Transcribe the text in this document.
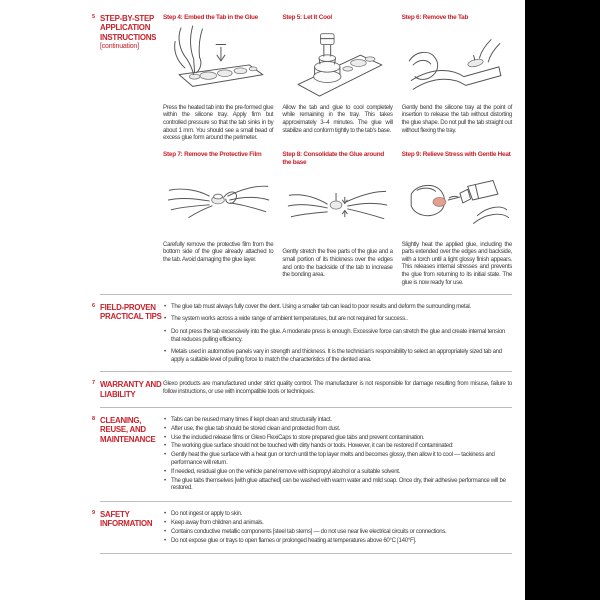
5 STEP-BY-STEP APPLICATION INSTRUCTIONS
[continuation]
Step 4: Embed the Tab in the Glue

Press the heated tab into the pre-formed glue within the silicone tray. Apply firm but controlled pressure so that the tab sinks in by about 1 mm. You should see a small bead of excess glue form around the perimeter.

Step 5: Let It Cool

Allow the tab and glue to cool completely while remaining in the tray. This takes approximately 3–4 minutes. The glue will stabilize and conform tightly to the tab's base.

Step 6: Remove the Tab

Gently bend the silicone tray at the point of insertion to release the tab without distorting the glue shape. Do not pull the tab straight out without flexing the tray.

Step 7: Remove the Protective Film

Carefully remove the protective film from the bottom side of the glue already attached to the tab. Avoid damaging the glue layer.

Step 8: Consolidate the Glue around the base

Gently stretch the free parts of the glue and a small portion of its thickness over the edges and onto the backside of the tab to increase the bonding area.

Step 9: Relieve Stress with Gentle Heat

Slightly heat the applied glue, including the parts extended over the edges and backside, with a torch until a light glossy finish appears. This releases internal stresses and prevents the glue from returning to its initial state. The glue is now ready for use.

6 FIELD-PROVEN PRACTICAL TIPS
• The glue tab must always fully cover the dent. Using a smaller tab can lead to poor results and deform the surrounding metal.
• The system works across a wide range of ambient temperatures, but are not required for success..
• Do not press the tab excessively into the glue. A moderate press is enough. Excessive force can stretch the glue and create internal tension that reduces pulling efficiency.
• Metals used in automotive panels vary in strength and thickness. It is the technician's responsibility to select an appropriately sized tab and apply a suitable level of pulling force to match the characteristics of the dented area.
7 WARRANTY AND LIABILITY

Glexo products are manufactured under strict quality control. The manufacturer is not responsible for damage resulting from misuse, failure to follow instructions, or use with incompatible tools or techniques.

8 CLEANING, REUSE, AND MAINTENANCE
• Tabs can be reused many times if kept clean and structurally intact.
• After use, the glue tab should be stored clean and protected from dust.
• Use the included release films or Glexo FlexiCaps to store prepared glue tabs and prevent contamination.
• The working glue surface should not be touched with dirty hands or tools. However, it can be restored if contaminated:
• Gently heat the glue surface with a heat gun or torch until the top layer melts and becomes glossy, then allow it to cool — tackiness and performance will return.
• If needed, residual glue on the vehicle panel remove with isopropyl alcohol or a suitable solvent.
• The glue tabs themselves [with glue attached] can be washed with warm water and mild soap. Once dry, their adhesive performance will be restored.
9 SAFETY INFORMATION
• Do not ingest or apply to skin.
• Keep away from children and animals.
• Contains conductive metallic components [steel tab stems] — do not use near live electrical circuits or connections.
• Do not expose glue or trays to open flames or prolonged heating at temperatures above 60°C [140°F].
